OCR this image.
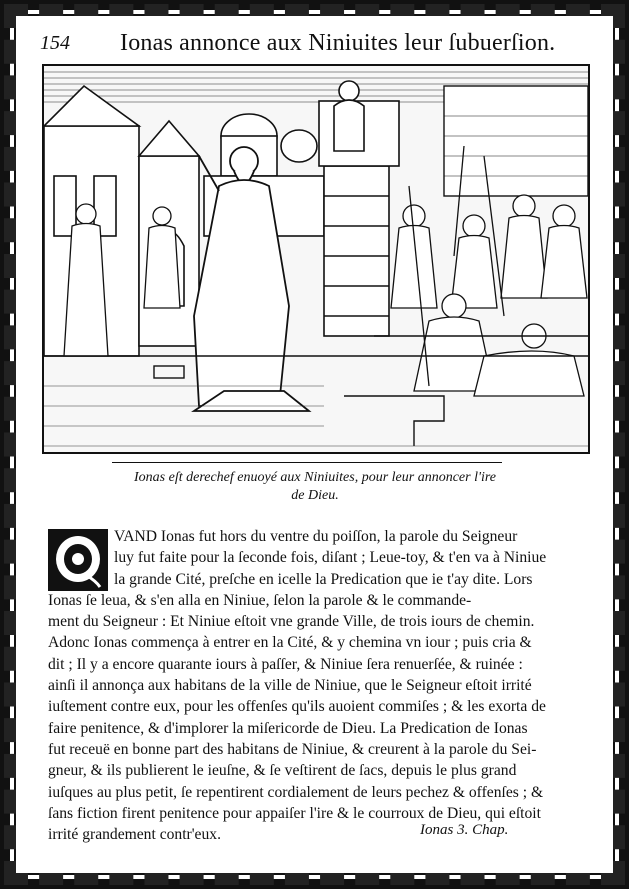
154 Ionas annonce aux Niniuites leur ſubuerſion.
Ionas eſt derechef enuoyé aux Niniuites, pour leur annoncer l'ire
de Dieu.
VAND Ionas fut hors du ventre du poiſſon, la parole du Seigneur
luy fut faite pour la ſeconde fois, diſant ; Leue-toy, & t'en va à Niniue
la grande Cité, preſche en icelle la Predication que ie t'ay dite. Lors
Ionas ſe leua, & s'en alla en Niniue, ſelon la parole & le commande-
ment du Seigneur : Et Niniue eſtoit vne grande Ville, de trois iours de chemin.
Adonc Ionas commença à entrer en la Cité, & y chemina vn iour ; puis cria &
dit ; Il y a encore quarante iours à paſſer, & Niniue ſera renuerſée, & ruinée :
ainſi il annonça aux habitans de la ville de Niniue, que le Seigneur eſtoit irrité
iuſtement contre eux, pour les offenſes qu'ils auoient commiſes ; & les exorta de
faire penitence, & d'implorer la miſericorde de Dieu. La Predication de Ionas
fut receuë en bonne part des habitans de Niniue, & creurent à la parole du Sei-
gneur, & ils publierent le ieuſne, & ſe veſtirent de ſacs, depuis le plus grand
iuſques au plus petit, ſe repentirent cordialement de leurs pechez & offenſes ; &
ſans fiction firent penitence pour appaiſer l'ire & le courroux de Dieu, qui eſtoit
irrité grandement contr'eux.	Ionas 3. Chap.
